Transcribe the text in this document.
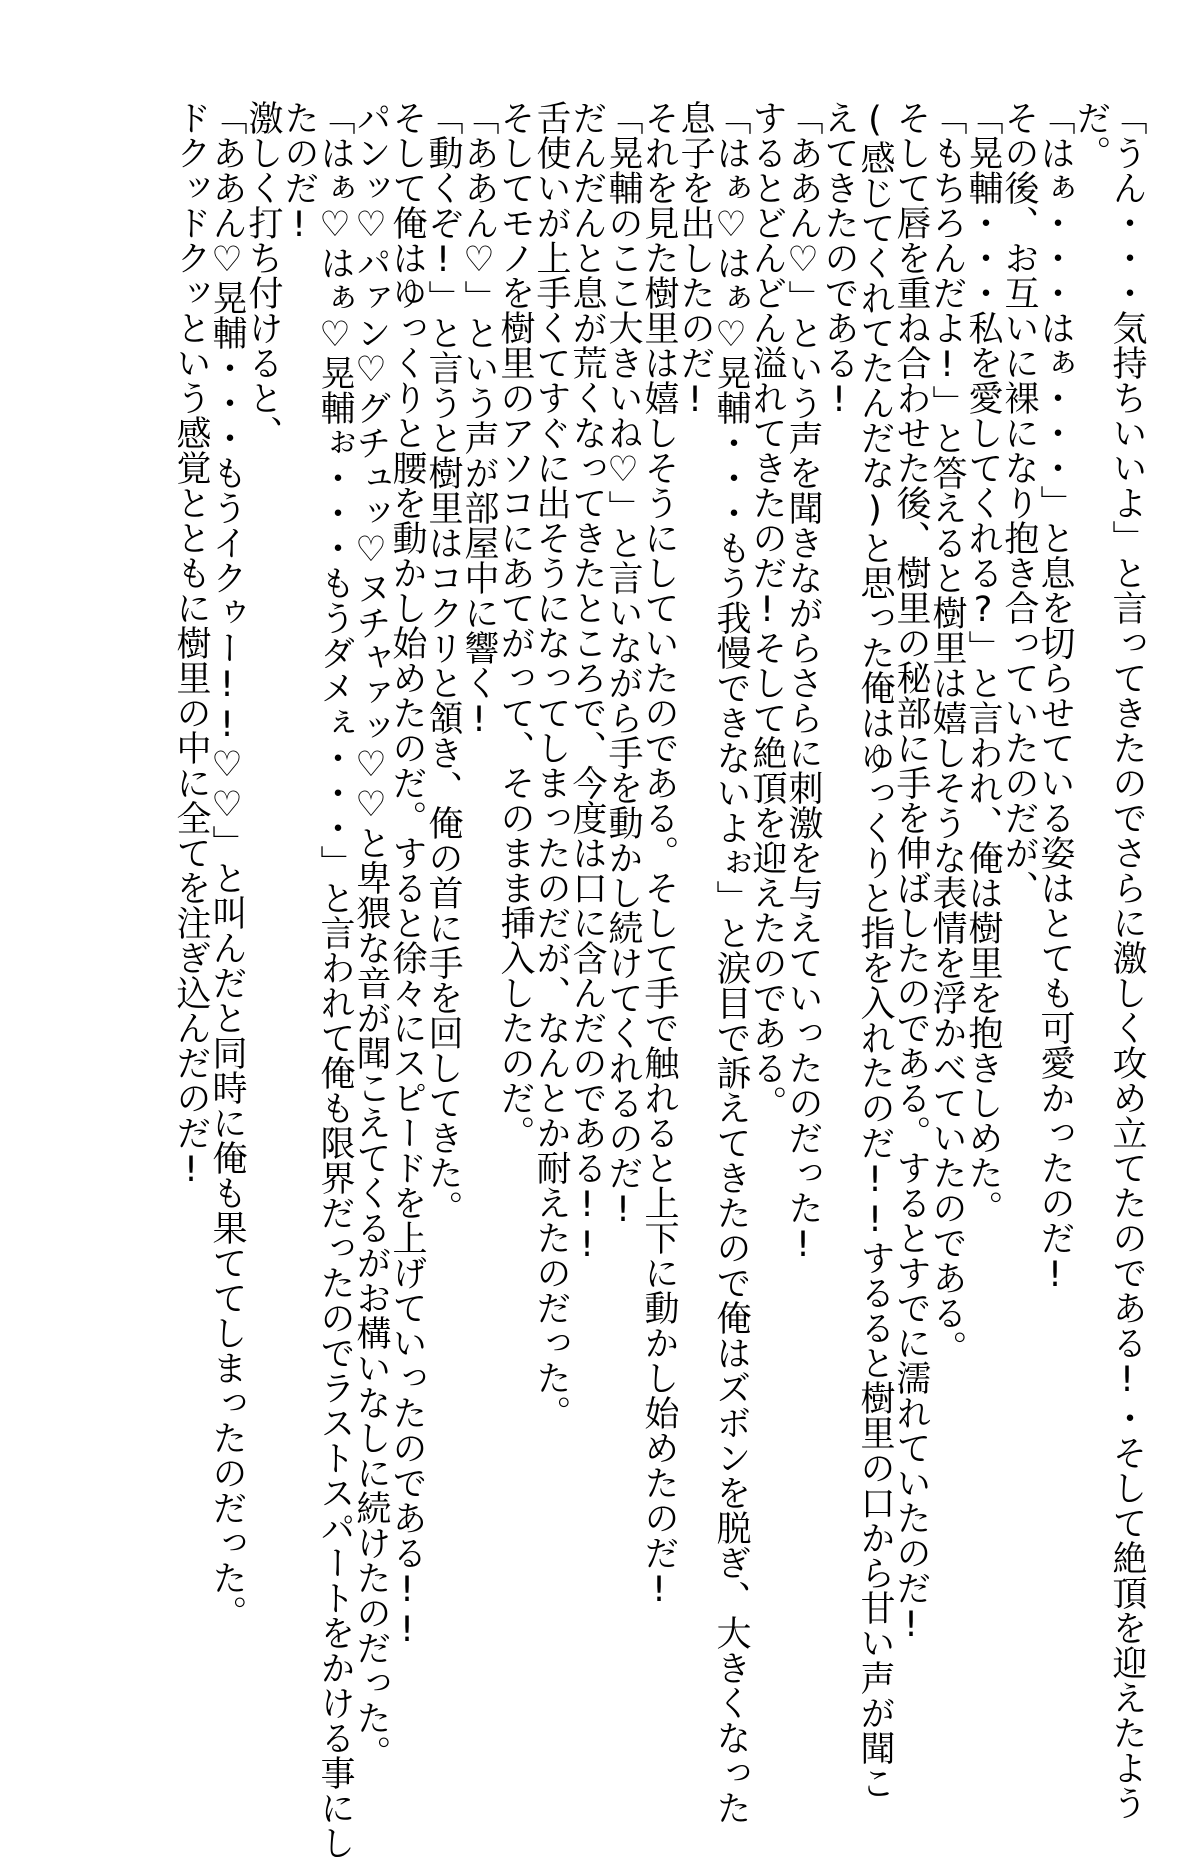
「うん・・・気持ちいいよ」と言ってきたのでさらに激しく攻め立てたのである!・そして絶頂を迎えたよう
だ。
「はぁ・・・はぁ・・・」と息を切らせている姿はとても可愛かったのだ!
その後、お互いに裸になり抱き合っていたのだが、
「晃輔・・・私を愛してくれる?」と言われ、俺は樹里を抱きしめた。
「もちろんだよ!」と答えると樹里は嬉しそうな表情を浮かべていたのである。
そして唇を重ね合わせた後、樹里の秘部に手を伸ばしたのである。するとすでに濡れていたのだ!
(感じてくれてたんだな)と思った俺はゆっくりと指を入れたのだ!!するると樹里の口から甘い声が聞こ
えてきたのである!
「ああん♡」という声を聞きながらさらに刺激を与えていったのだった!
するとどんどん溢れてきたのだ!そして絶頂を迎えたのである。
「はぁ♡はぁ♡晃輔・・・もう我慢できないよぉ」と涙目で訴えてきたので俺はズボンを脱ぎ、大きくなった
息子を出したのだ!
それを見た樹里は嬉しそうにしていたのである。そして手で触れると上下に動かし始めたのだ!
「晃輔のここ大きいね♡」と言いながら手を動かし続けてくれるのだ!
だんだんと息が荒くなってきたところで、今度は口に含んだのである!!
舌使いが上手くてすぐに出そうになってしまったのだが、なんとか耐えたのだった。
そしてモノを樹里のアソコにあてがって、そのまま挿入したのだ。
「ああん♡」という声が部屋中に響く!
「動くぞ!」と言うと樹里はコクリと頷き、俺の首に手を回してきた。
そして俺はゆっくりと腰を動かし始めたのだ。すると徐々にスピードを上げていったのである!!
パンッ♡パァン♡グチュッ♡ヌチャァッ♡♡と卑猥な音が聞こえてくるがお構いなしに続けたのだった。
「はぁ♡はぁ♡晃輔ぉ・・・もうダメぇ・・・」と言われて俺も限界だったのでラストスパートをかける事にし
たのだ!
激しく打ち付けると、
「ああん♡晃輔・・・もうイクゥー!!♡♡」と叫んだと同時に俺も果ててしまったのだった。
ドクッドクッという感覚とともに樹里の中に全てを注ぎ込んだのだ!
